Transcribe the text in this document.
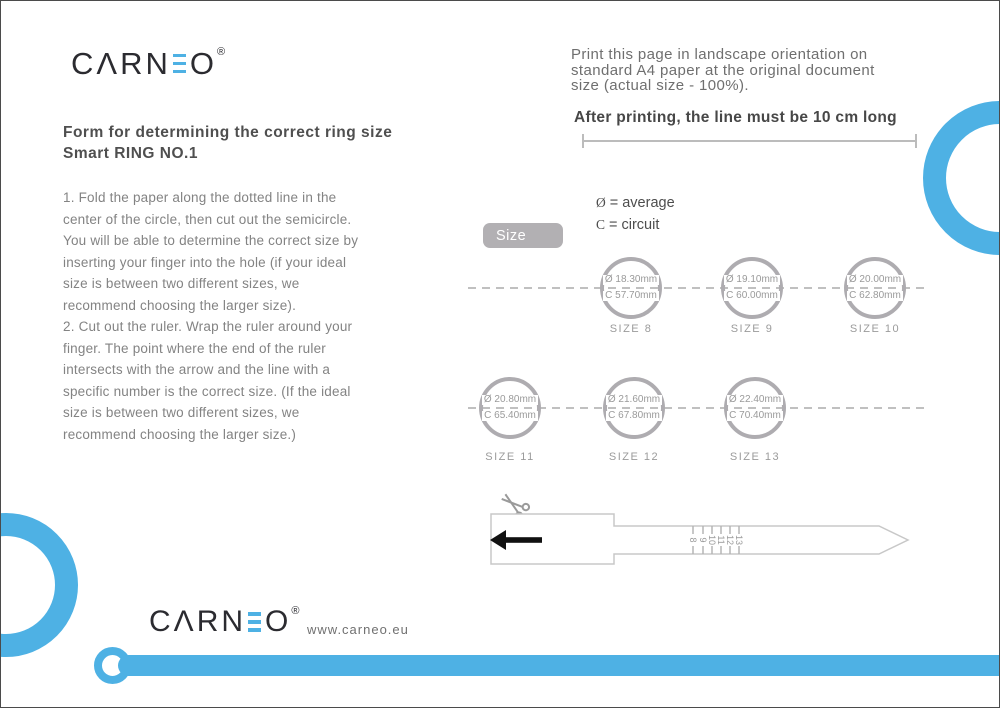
CΛRN O®
Form for determining the correct ring size
Smart RING NO.1
1. Fold the paper along the dotted line in the
center of the circle, then cut out the semicircle.
You will be able to determine the correct size by
inserting your finger into the hole (if your ideal
size is between two different sizes, we
recommend choosing the larger size).
2. Cut out the ruler. Wrap the ruler around your
finger. The point where the end of the ruler
intersects with the arrow and the line with a
specific number is the correct size. (If the ideal
size is between two different sizes, we
recommend choosing the larger size.)
Print this page in landscape orientation on
standard A4 paper at the original document
size (actual size - 100%).
After printing, the line must be 10 cm long
Ø = average
C = circuit
Size
Ø 18.30mm
C 57.70mm
SIZE 8
Ø 19.10mm
C 60.00mm
SIZE 9
Ø 20.00mm
C 62.80mm
SIZE 10
Ø 20.80mm
C 65.40mm
SIZE 11
Ø 21.60mm
C 67.80mm
SIZE 12
Ø 22.40mm
C 70.40mm
SIZE 13
8 9 10 11 12 13
CΛRN O®
www.carneo.eu
